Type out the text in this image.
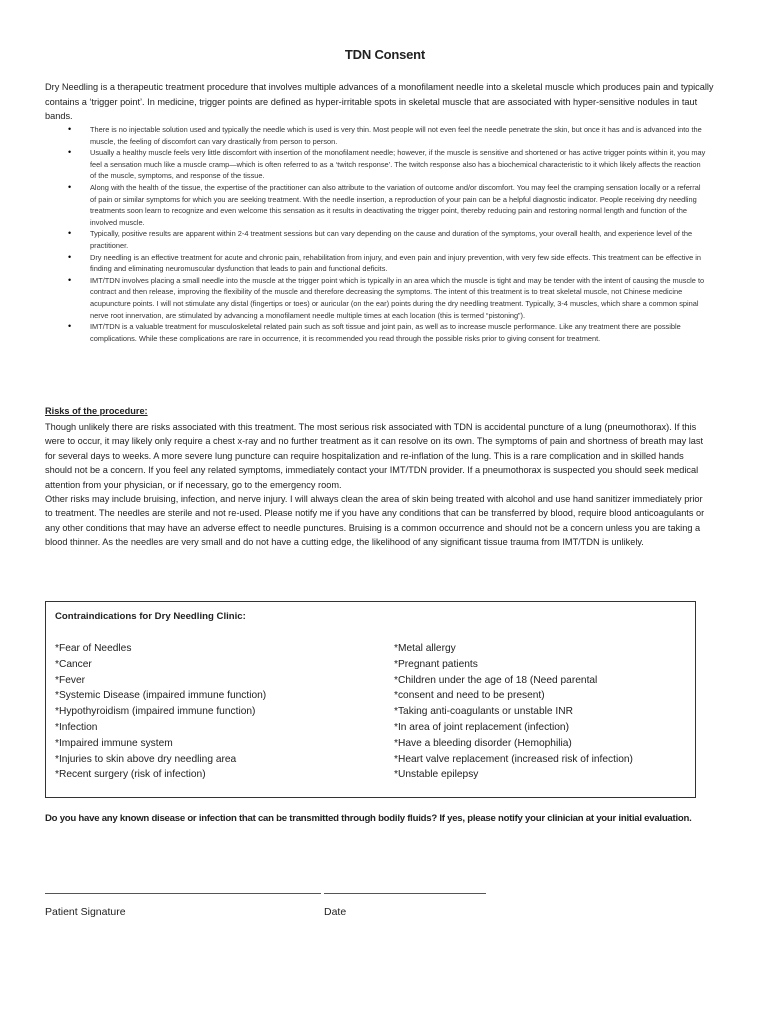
TDN Consent
Dry Needling is a therapeutic treatment procedure that involves multiple advances of a monofilament needle into a skeletal muscle which produces pain and typically contains a ‘trigger point’. In medicine, trigger points are defined as hyper-irritable spots in skeletal muscle that are associated with hyper-sensitive nodules in taut bands.
• There is no injectable solution used and typically the needle which is used is very thin. Most people will not even feel the needle penetrate the skin, but once it has and is advanced into the muscle, the feeling of discomfort can vary drastically from person to person.
• Usually a healthy muscle feels very little discomfort with insertion of the monofilament needle; however, if the muscle is sensitive and shortened or has active trigger points within it, you may feel a sensation much like a muscle cramp—which is often referred to as a ‘twitch response’. The twitch response also has a biochemical characteristic to it which likely affects the reaction of the muscle, symptoms, and response of the tissue.
• Along with the health of the tissue, the expertise of the practitioner can also attribute to the variation of outcome and/or discomfort. You may feel the cramping sensation locally or a referral of pain or similar symptoms for which you are seeking treatment. With the needle insertion, a reproduction of your pain can be a helpful diagnostic indicator. People receiving dry needling treatments soon learn to recognize and even welcome this sensation as it results in deactivating the trigger point, thereby reducing pain and restoring normal length and function of the involved muscle.
• Typically, positive results are apparent within 2-4 treatment sessions but can vary depending on the cause and duration of the symptoms, your overall health, and experience level of the practitioner.
• Dry needling is an effective treatment for acute and chronic pain, rehabilitation from injury, and even pain and injury prevention, with very few side effects. This treatment can be effective in finding and eliminating neuromuscular dysfunction that leads to pain and functional deficits.
• IMT/TDN involves placing a small needle into the muscle at the trigger point which is typically in an area which the muscle is tight and may be tender with the intent of causing the muscle to contract and then release, improving the flexibility of the muscle and therefore decreasing the symptoms. The intent of this treatment is to treat skeletal muscle, not Chinese medicine acupuncture points. I will not stimulate any distal (fingertips or toes) or auricular (on the ear) points during the dry needling treatment. Typically, 3-4 muscles, which share a common spinal nerve root innervation, are stimulated by advancing a monofilament needle multiple times at each location (this is termed “pistoning”).
• IMT/TDN is a valuable treatment for musculoskeletal related pain such as soft tissue and joint pain, as well as to increase muscle performance. Like any treatment there are possible complications. While these complications are rare in occurrence, it is recommended you read through the possible risks prior to giving consent for treatment.
Risks of the procedure:

Though unlikely there are risks associated with this treatment. The most serious risk associated with TDN is accidental puncture of a lung (pneumothorax). If this were to occur, it may likely only require a chest x-ray and no further treatment as it can resolve on its own. The symptoms of pain and shortness of breath may last for several days to weeks. A more severe lung puncture can require hospitalization and re-inflation of the lung. This is a rare complication and in skilled hands should not be a concern. If you feel any related symptoms, immediately contact your IMT/TDN provider. If a pneumothorax is suspected you should seek medical attention from your physician, or if necessary, go to the emergency room.

Other risks may include bruising, infection, and nerve injury. I will always clean the area of skin being treated with alcohol and use hand sanitizer immediately prior to treatment. The needles are sterile and not re-used. Please notify me if you have any conditions that can be transferred by blood, require blood anticoagulants or any other conditions that may have an adverse effect to needle punctures. Bruising is a common occurrence and should not be a concern unless you are taking a blood thinner. As the needles are very small and do not have a cutting edge, the likelihood of any significant tissue trauma from IMT/TDN is unlikely.

Contraindications for Dry Needling Clinic:
*Fear of Needles
*Cancer
*Fever
*Systemic Disease (impaired immune function)
*Hypothyroidism (impaired immune function)
*Infection
*Impaired immune system
*Injuries to skin above dry needling area
*Recent surgery (risk of infection)
*Metal allergy
*Pregnant patients
*Children under the age of 18 (Need parental
*consent and need to be present)
*Taking anti-coagulants or unstable INR
*In area of joint replacement (infection)
*Have a bleeding disorder (Hemophilia)
*Heart valve replacement (increased risk of infection)
*Unstable epilepsy
Do you have any known disease or infection that can be transmitted through bodily fluids? If yes, please notify your clinician at your initial evaluation.
Patient Signature	Date
